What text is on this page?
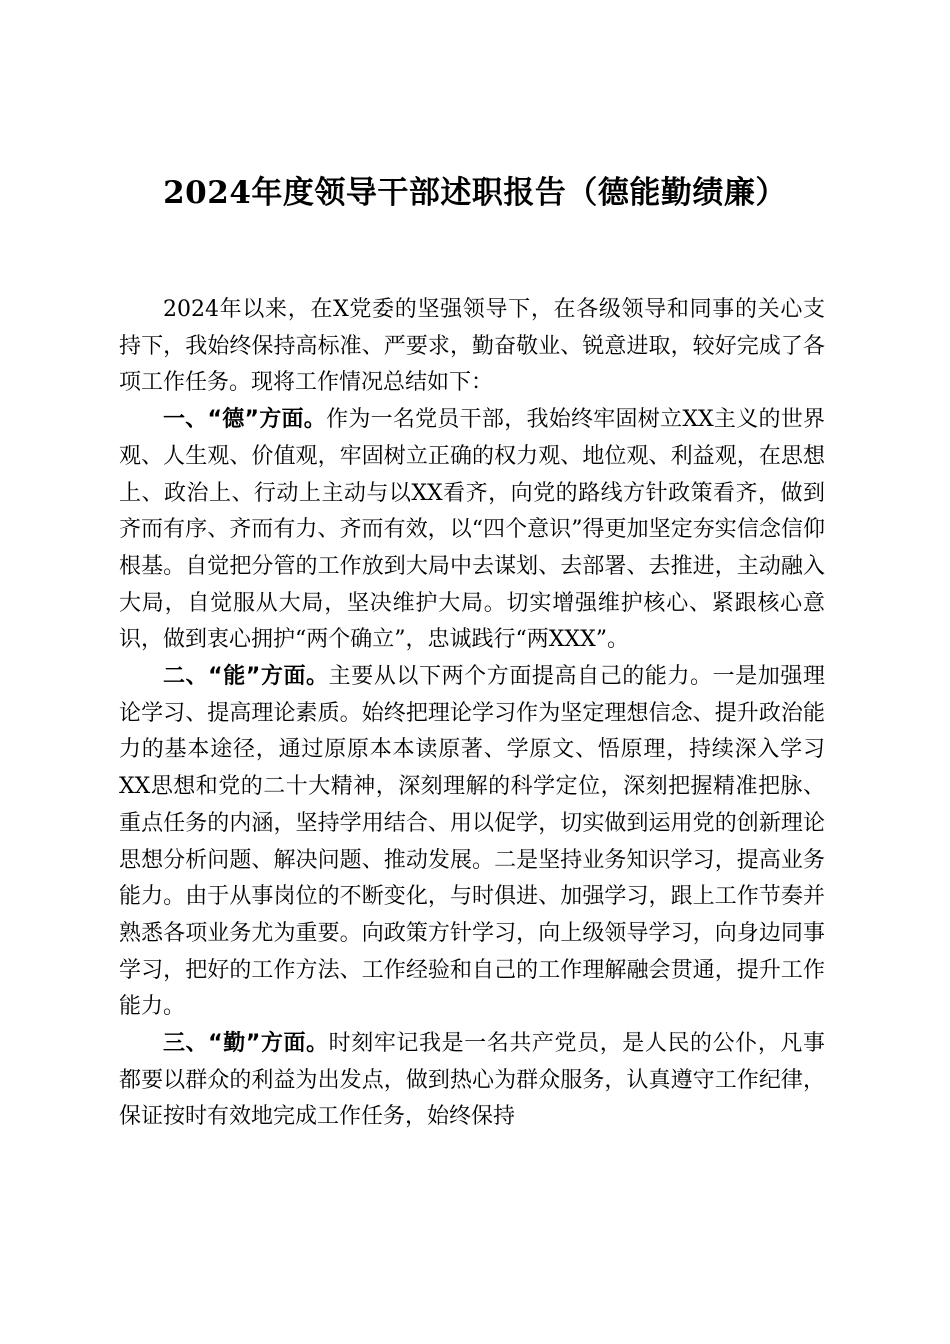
2024年度领导干部述职报告（德能勤绩廉）

2024年以来，在X党委的坚强领导下，在各级领导和同事的关心支持下，我始终保持高标准、严要求，勤奋敬业、锐意进取，较好完成了各项工作任务。现将工作情况总结如下：

一、“德”方面。作为一名党员干部，我始终牢固树立XX主义的世界观、人生观、价值观，牢固树立正确的权力观、地位观、利益观，在思想上、政治上、行动上主动与以XX看齐，向党的路线方针政策看齐，做到齐而有序、齐而有力、齐而有效，以“四个意识”得更加坚定夯实信念信仰根基。自觉把分管的工作放到大局中去谋划、去部署、去推进，主动融入大局，自觉服从大局，坚决维护大局。切实增强维护核心、紧跟核心意识，做到衷心拥护“两个确立”，忠诚践行“两XXX”。

二、“能”方面。主要从以下两个方面提高自己的能力。一是加强理论学习、提高理论素质。始终把理论学习作为坚定理想信念、提升政治能力的基本途径，通过原原本本读原著、学原文、悟原理，持续深入学习XX思想和党的二十大精神，深刻理解的科学定位，深刻把握精准把脉、重点任务的内涵，坚持学用结合、用以促学，切实做到运用党的创新理论思想分析问题、解决问题、推动发展。二是坚持业务知识学习，提高业务能力。由于从事岗位的不断变化，与时俱进、加强学习，跟上工作节奏并熟悉各项业务尤为重要。向政策方针学习，向上级领导学习，向身边同事学习，把好的工作方法、工作经验和自己的工作理解融会贯通，提升工作能力。

三、“勤”方面。时刻牢记我是一名共产党员，是人民的公仆，凡事都要以群众的利益为出发点，做到热心为群众服务，认真遵守工作纪律，保证按时有效地完成工作任务，始终保持
